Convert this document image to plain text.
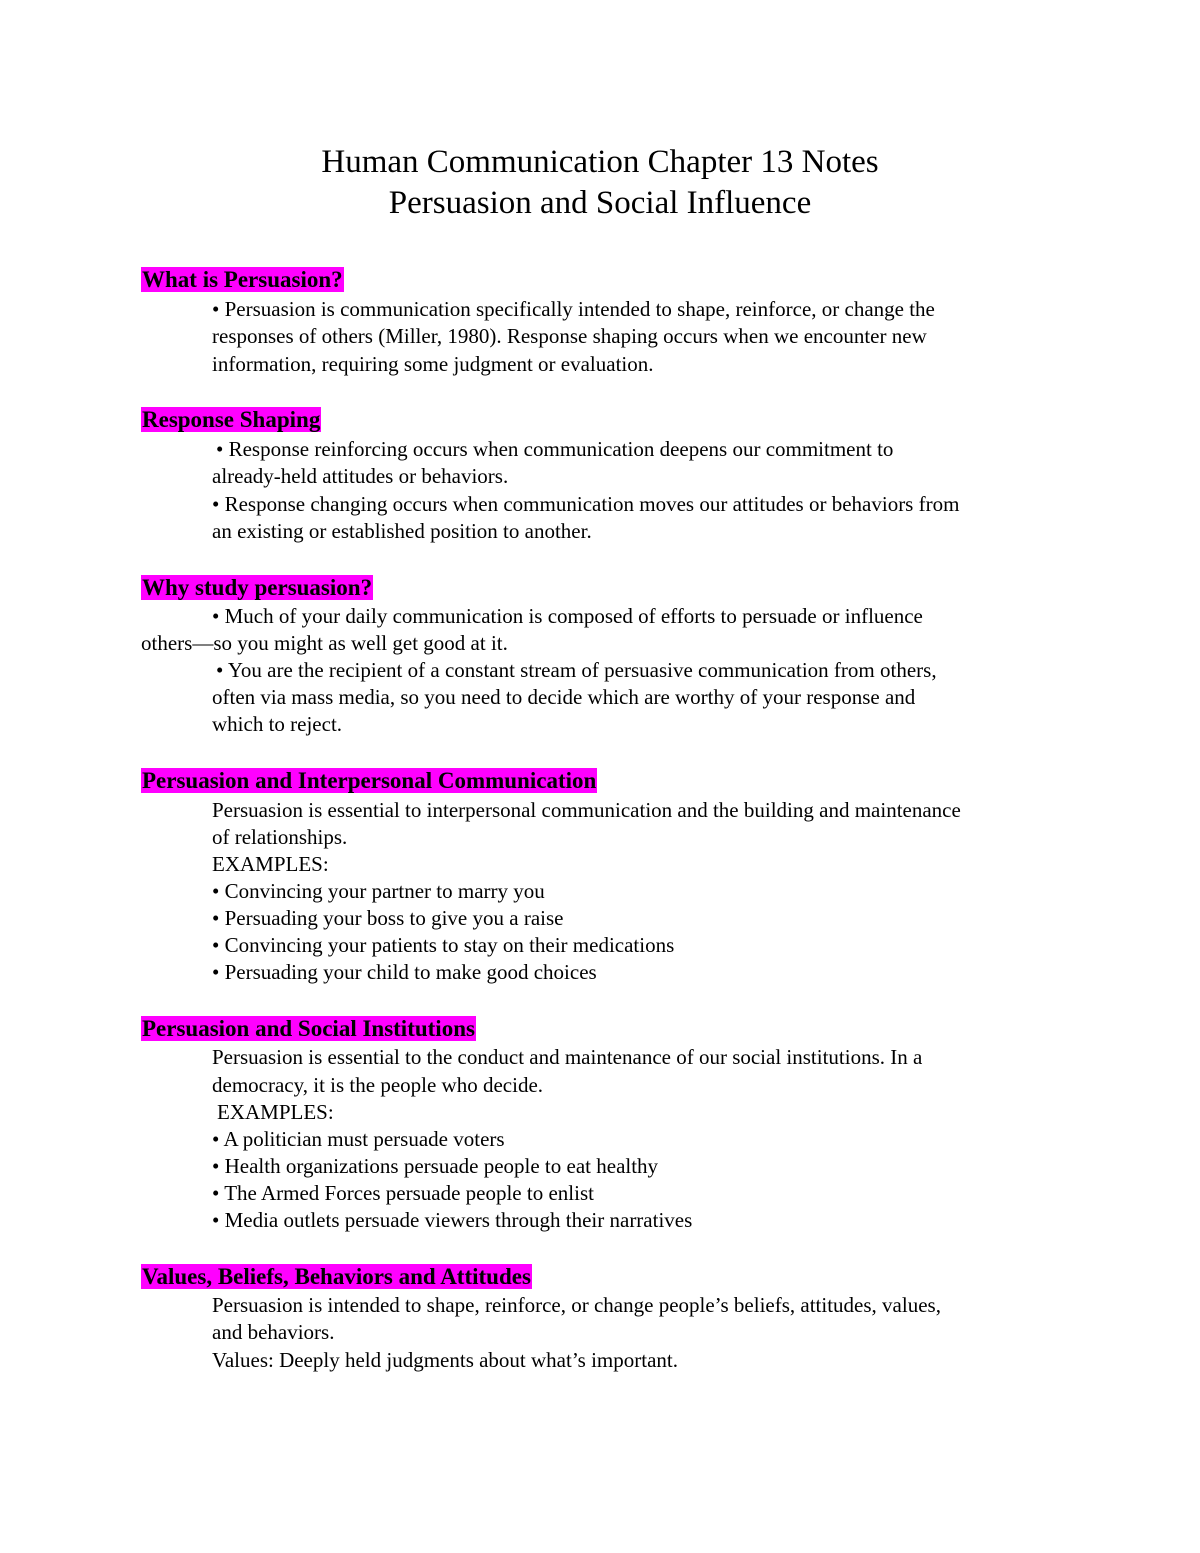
Human Communication Chapter 13 Notes
Persuasion and Social Influence
What is Persuasion?
• Persuasion is communication specifically intended to shape, reinforce, or change the
responses of others (Miller, 1980). Response shaping occurs when we encounter new
information, requiring some judgment or evaluation.
Response Shaping
• Response reinforcing occurs when communication deepens our commitment to
already-held attitudes or behaviors.
• Response changing occurs when communication moves our attitudes or behaviors from
an existing or established position to another.
Why study persuasion?
• Much of your daily communication is composed of efforts to persuade or influence
others—so you might as well get good at it.
• You are the recipient of a constant stream of persuasive communication from others,
often via mass media, so you need to decide which are worthy of your response and
which to reject.
Persuasion and Interpersonal Communication
Persuasion is essential to interpersonal communication and the building and maintenance
of relationships.
EXAMPLES:
• Convincing your partner to marry you
• Persuading your boss to give you a raise
• Convincing your patients to stay on their medications
• Persuading your child to make good choices
Persuasion and Social Institutions
Persuasion is essential to the conduct and maintenance of our social institutions. In a
democracy, it is the people who decide.
EXAMPLES:
• A politician must persuade voters
• Health organizations persuade people to eat healthy
• The Armed Forces persuade people to enlist
• Media outlets persuade viewers through their narratives
Values, Beliefs, Behaviors and Attitudes
Persuasion is intended to shape, reinforce, or change people’s beliefs, attitudes, values,
and behaviors.
Values: Deeply held judgments about what’s important.
